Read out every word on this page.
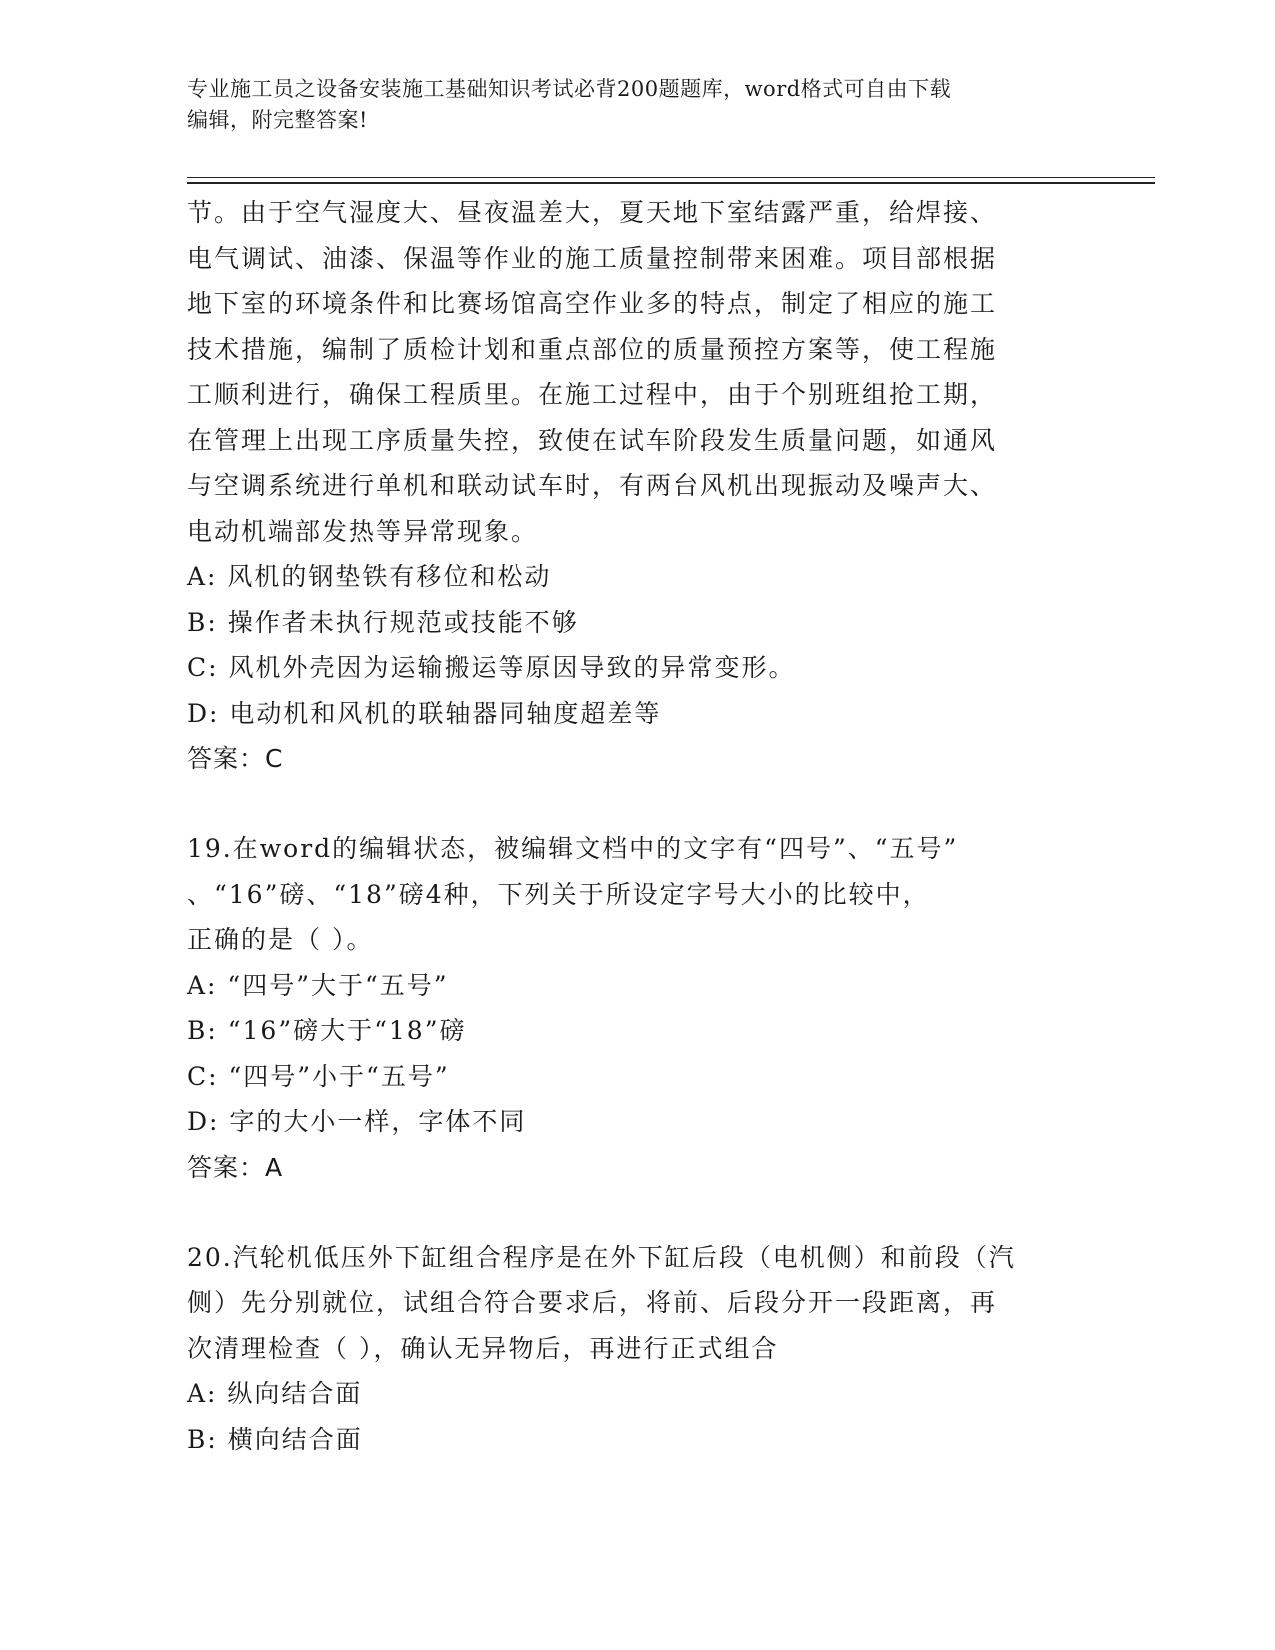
专业施工员之设备安装施工基础知识考试必背200题题库，word格式可自由下载
编辑，附完整答案!
节。由于空气湿度大、昼夜温差大，夏天地下室结露严重，给焊接、
电气调试、油漆、保温等作业的施工质量控制带来困难。项目部根据
地下室的环境条件和比赛场馆高空作业多的特点，制定了相应的施工
技术措施，编制了质检计划和重点部位的质量预控方案等，使工程施
工顺利进行，确保工程质里。在施工过程中，由于个别班组抢工期，
在管理上出现工序质量失控，致使在试车阶段发生质量问题，如通风
与空调系统进行单机和联动试车时，有两台风机出现振动及噪声大、
电动机端部发热等异常现象。
A: 风机的钢垫铁有移位和松动
B: 操作者未执行规范或技能不够
C: 风机外壳因为运输搬运等原因导致的异常变形。
D: 电动机和风机的联轴器同轴度超差等
答案：C
19.在word的编辑状态，被编辑文档中的文字有“四号”、“五号”
、“16”磅、“18”磅4种，下列关于所设定字号大小的比较中，
正确的是（ ）。
A: “四号”大于“五号”
B: “16”磅大于“18”磅
C: “四号”小于“五号”
D: 字的大小一样，字体不同
答案：A
20.汽轮机低压外下缸组合程序是在外下缸后段（电机侧）和前段（汽
侧）先分别就位，试组合符合要求后，将前、后段分开一段距离，再
次清理检查（ ），确认无异物后，再进行正式组合
A: 纵向结合面
B: 横向结合面
